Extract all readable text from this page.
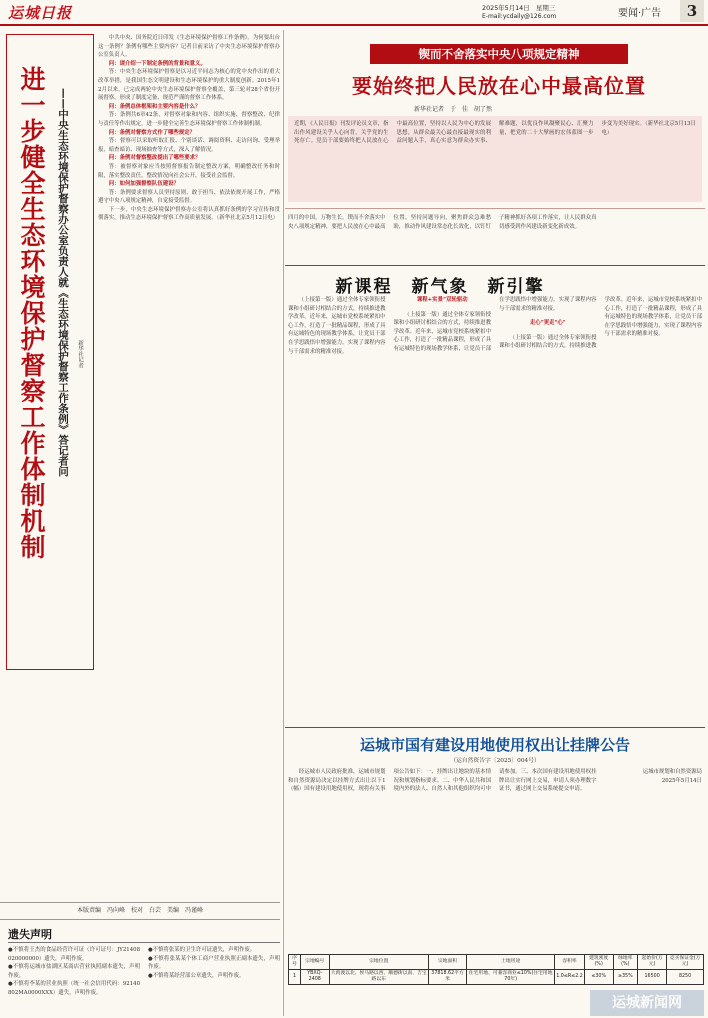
运城日报	2025年5月14日　星期三
E-mail:ycdaily@126.com	要闻·广告	3
进一步健全生态环境保护督察工作体制机制 ——中央生态环境保护督察办公室负责人就《生态环境保护督察工作条例》答记者问 新华社记者

中共中央、国务院近日印发《生态环境保护督察工作条例》。为何要出台这一条例？条例有哪些主要内容？记者日前采访了中央生态环境保护督察办公室负责人。

问：请介绍一下制定条例的背景和意义。

答：中央生态环境保护督察是以习近平同志为核心的党中央作出的重大改革举措，是我国生态文明建设和生态环境保护的重大制度创新。2015年12月以来，已完成两轮中央生态环境保护督察全覆盖，第三轮对28个省份开展督察，形成了制度完备、规范严谨的督察工作体系。

问：条例总体框架和主要内容是什么？

答：条例共6章42条，对督察对象和内容、组织实施、督察整改、纪律与责任等作出规定，进一步健全完善生态环境保护督察工作体制机制。

问：条例对督察方式作了哪些规定？

答：督察可以采取听取汇报、个别谈话、调阅资料、走访问询、受理举报、暗查暗访、现场抽查等方式，深入了解情况。

问：条例对督察整改提出了哪些要求？

答：被督察对象应当按照督察报告制定整改方案，明确整改任务和时限，落实整改责任，整改情况向社会公开，接受社会监督。

问：如何加强督察队伍建设？

答：条例要求督察人员坚持原则、敢于担当、依法依规开展工作，严格遵守中央八项规定精神，自觉接受监督。

下一步，中央生态环境保护督察办公室将认真抓好条例的学习宣传和贯彻落实，推动生态环境保护督察工作高质量发展。（新华社北京5月12日电）

锲而不舍落实中央八项规定精神
要始终把人民放在心中最高位置
新华社记者　于　佳　胡了然
近期，《人民日报》刊发评论员文章，指出作风建设关乎人心向背，关乎党的生死存亡。党员干部要始终把人民放在心中最高位置，坚持以人民为中心的发展思想，从群众最关心最直接最现实的利益问题入手，真心实意为群众办实事、解难题，以优良作风凝聚民心、汇聚力量，把党的二十大擘画的宏伟蓝图一步步变为美好现实。（新华社北京5月13日电）
四月的中国，万物生长。锲而不舍落实中央八项规定精神，要把人民放在心中最高位置，坚持问题导向，聚焦群众急难愁盼，推动作风建设常态化长效化，以钉钉子精神抓好各项工作落实，让人民群众真切感受到作风建设新变化新成效。
新课程　新气象　新引擎

（上接第一版）通过全体专家领衔授课和小组研讨相结合的方式，持续推进教学改革。近年来，运城市党校系统紧扣中心工作，打造了一批精品课程，形成了具有运城特色的现场教学体系，让党员干部在学思践悟中增强能力，实现了课程内容与干部需求的精准对接。

课程+实景“双轮驱动

（上接第一版）通过全体专家领衔授课和小组研讨相结合的方式，持续推进教学改革。近年来，运城市党校系统紧扣中心工作，打造了一批精品课程，形成了具有运城特色的现场教学体系，让党员干部在学思践悟中增强能力，实现了课程内容与干部需求的精准对接。

走心“更走"心"

（上接第一版）通过全体专家领衔授课和小组研讨相结合的方式，持续推进教学改革。近年来，运城市党校系统紧扣中心工作，打造了一批精品课程，形成了具有运城特色的现场教学体系，让党员干部在学思践悟中增强能力，实现了课程内容与干部需求的精准对接。

运城市国有建设用地使用权出让挂牌公告
（运自然资告字〔2025〕004号）

经运城市人民政府批准，运城市规划和自然资源局决定以挂牌方式出让以下1（幅）国有建设用地使用权，现将有关事项公告如下：一、挂牌出让地块的基本情况和规划指标要求。二、中华人民共和国境内外的法人、自然人和其他组织均可申请参加。三、本次国有建设用地使用权挂牌出让实行网上交易，申请人须办理数字证书，通过网上交易系统提交申请。

运城市规划和自然资源局

2025年5月14日

序号	宗地编号	宗地位置	宗地面积	土地用途	容积率	建筑密度(%)	绿地率(%)	起始价(万元)	竞买保证金(万元)
1	YBXQ-2408	大禹渡以北、侯马路以西、顺德街以南、吉宝路以东	37818.62平方米	住宅用地、可兼容商业≤10%(住宅用地70年)	1.0≤R≤2.2	≤30%	≥35%	16500	8250
本版责编　冯向峰　校对　白芸　美编　冯谨峰
遗失声明

●不慎将王杰的食品经营许可证（许可证号：JY21408020000000）遗失，声明作废。

●不慎将运城市盐湖区某商店营业执照副本遗失，声明作废。

●不慎将李某的营业执照（统一社会信用代码：92140802MA0000XXX）遗失，声明作废。

●不慎将张某的卫生许可证遗失，声明作废。

●不慎将张某某个体工商户营业执照正副本遗失，声明作废。

●不慎将某经营部公章遗失，声明作废。

运城新闻网
